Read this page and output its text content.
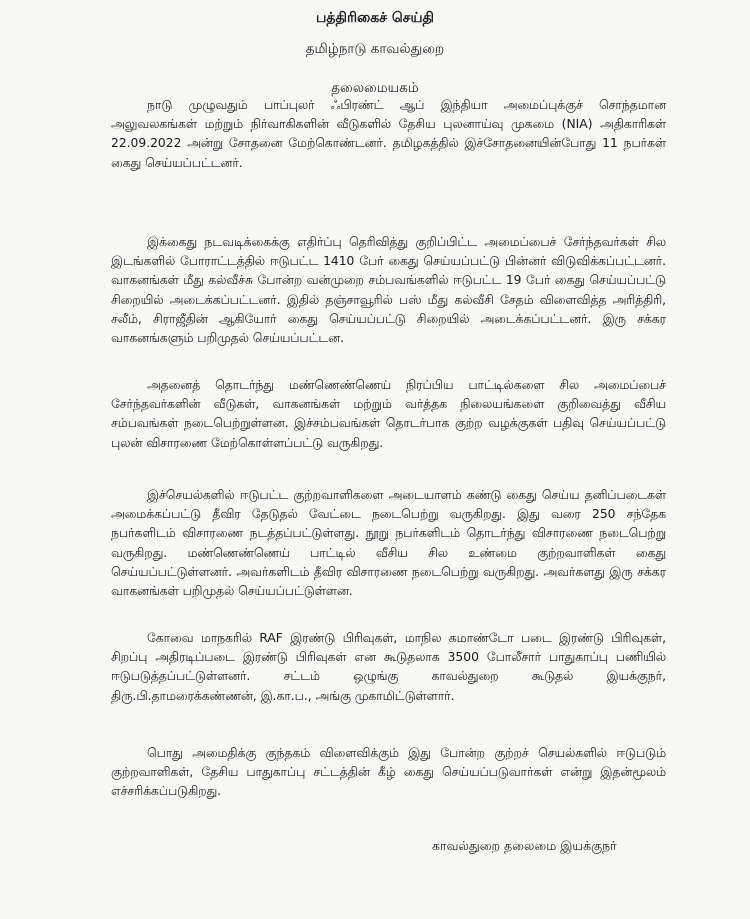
பத்திரிகைச் செய்தி
தமிழ்நாடு காவல்துறை
தலைமையகம்

நாடு முழுவதும் பாப்புலர் ஃபிரண்ட் ஆப் இந்தியா அமைப்புக்குச் சொந்தமான அலுவலகங்கள் மற்றும் நிர்வாகிகளின் வீடுகளில் தேசிய புலனாய்வு முகமை (NIA) அதிகாரிகள் 22.09.2022 அன்று சோதனை மேற்கொண்டனர். தமிழகத்தில் இச்சோதனையின்போது 11 நபர்கள் கைது செய்யப்பட்டனர்.

இக்கைது நடவடிக்கைக்கு எதிர்ப்பு தெரிவித்து குறிப்பிட்ட அமைப்பைச் சேர்ந்தவர்கள் சில இடங்களில் போராட்டத்தில் ஈடுபட்ட 1410 பேர் கைது செய்யப்பட்டு பின்னர் விடுவிக்கப்பட்டனர். வாகனங்கள் மீது கல்வீச்சு போன்ற வன்முறை சம்பவங்களில் ஈடுபட்ட 19 பேர் கைது செய்யப்பட்டு சிறையில் அடைக்கப்பட்டனர். இதில் தஞ்சாவூரில் பஸ் மீது கல்வீசி சேதம் விளைவித்த அரித்திரி, சலீம், சிராஜீதின் ஆகியோர் கைது செய்யப்பட்டு சிறையில் அடைக்கப்பட்டனர். இரு சக்கர வாகனங்களும் பறிமுதல் செய்யப்பட்டன.

அதனைத் தொடர்ந்து மண்ணெண்ணெய் நிரப்பிய பாட்டில்களை சில அமைப்பைச் சேர்ந்தவர்களின் வீடுகள், வாகனங்கள் மற்றும் வர்த்தக நிலையங்களை குறிவைத்து வீசிய சம்பவங்கள் நடைபெற்றுள்ளன. இச்சம்பவங்கள் தொடர்பாக குற்ற வழக்குகள் பதிவு செய்யப்பட்டு புலன் விசாரணை மேற்கொள்ளப்பட்டு வருகிறது.

இச்செயல்களில் ஈடுபட்ட குற்றவாளிகளை அடையாளம் கண்டு கைது செய்ய தனிப்படைகள் அமைக்கப்பட்டு தீவிர தேடுதல் வேட்டை நடைபெற்று வருகிறது. இது வரை 250 சந்தேக நபர்களிடம் விசாரணை நடத்தப்பட்டுள்ளது. நூறு நபர்களிடம் தொடர்ந்து விசாரணை நடைபெற்று வருகிறது. மண்ணெண்ணெய் பாட்டில் வீசிய சில உண்மை குற்றவாளிகள் கைது செய்யப்பட்டுள்ளனர். அவர்களிடம் தீவிர விசாரணை நடைபெற்று வருகிறது. அவர்களது இரு சக்கர வாகனங்கள் பறிமுதல் செய்யப்பட்டுள்ளன.

கோவை மாநகரில் RAF இரண்டு பிரிவுகள், மாநில கமாண்டோ படை இரண்டு பிரிவுகள், சிறப்பு அதிரடிப்படை இரண்டு பிரிவுகள் என கூடுதலாக 3500 போலீசார் பாதுகாப்பு பணியில் ஈடுபடுத்தப்பட்டுள்ளனர். சட்டம் ஒழுங்கு காவல்துறை கூடுதல் இயக்குநர், திரு.பி.தாமரைக்கண்ணன், இ.கா.ப., அங்கு முகாமிட்டுள்ளார்.

பொது அமைதிக்கு குந்தகம் விளைவிக்கும் இது போன்ற குற்றச் செயல்களில் ஈடுபடும் குற்றவாளிகள், தேசிய பாதுகாப்பு சட்டத்தின் கீழ் கைது செய்யப்படுவார்கள் என்று இதன்மூலம் எச்சரிக்கப்படுகிறது.

காவல்துறை தலைமை இயக்குநர்
